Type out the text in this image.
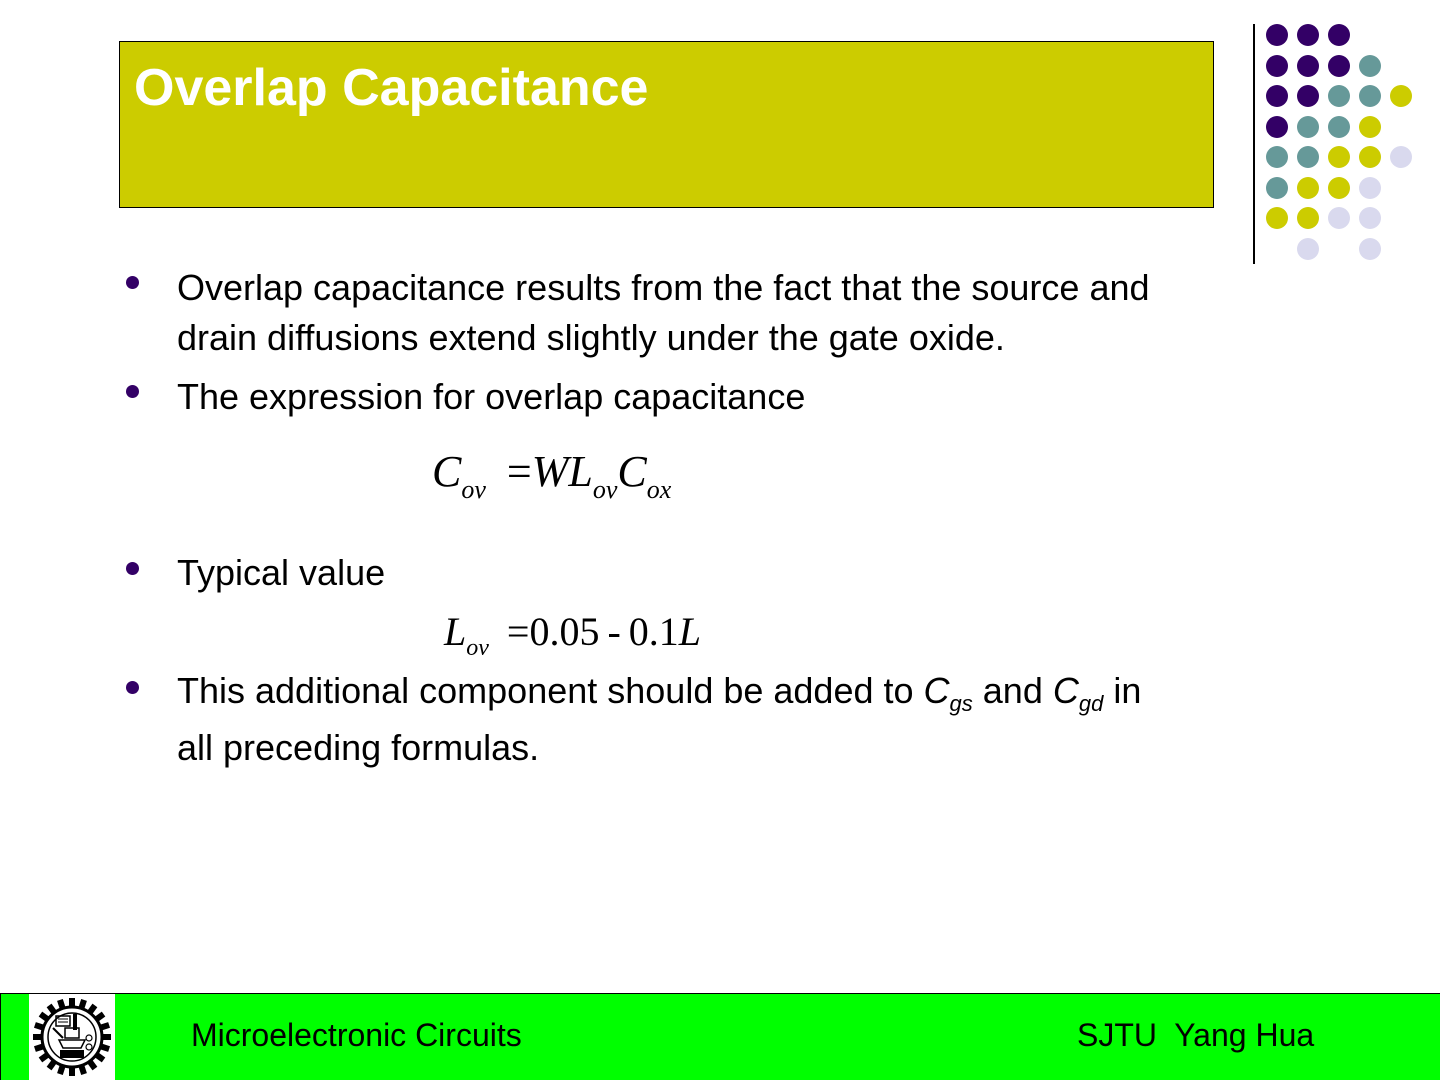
Overlap Capacitance
Overlap capacitance results from the fact that the source and
drain diffusions extend slightly under the gate oxide.
The expression for overlap capacitance
$C_{ov} =WL_{ov}C_{ox}$
Typical value
$L_{ov} =0.05 - 0.1L$
This additional component should be added to $C_{gs}$ and $C_{gd}$ in
all preceding formulas.
Microelectronic Circuits	SJTU  Yang Hua
